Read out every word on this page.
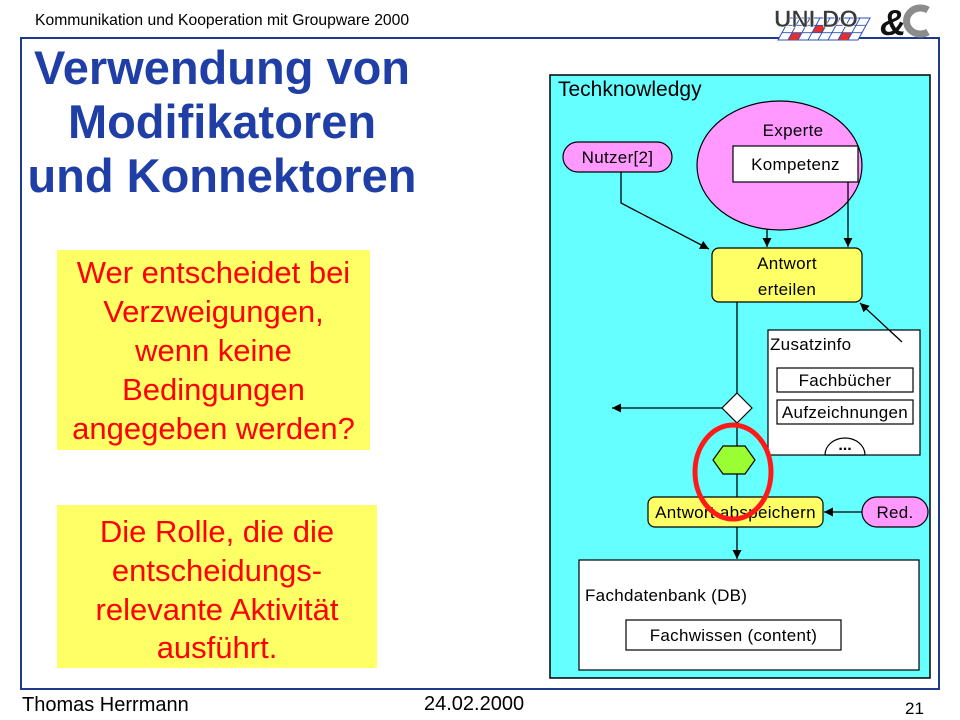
Kommunikation und Kooperation mit Groupware 2000	UNI DO &
Verwendung von
Modifikatoren
und Konnektoren
Wer entscheidet bei
Verzweigungen,
wenn keine
Bedingungen
angegeben werden?
Die Rolle, die die
entscheidungs-
relevante Aktivität
ausführt.
Techknowledgy
Experte
Kompetenz
Nutzer[2]
Antwort
erteilen
Zusatzinfo
Fachbücher
Aufzeichnungen
...
Antwort abspeichern	Red.
Fachdatenbank (DB)
Fachwissen (content)
Thomas Herrmann	24.02.2000	21
